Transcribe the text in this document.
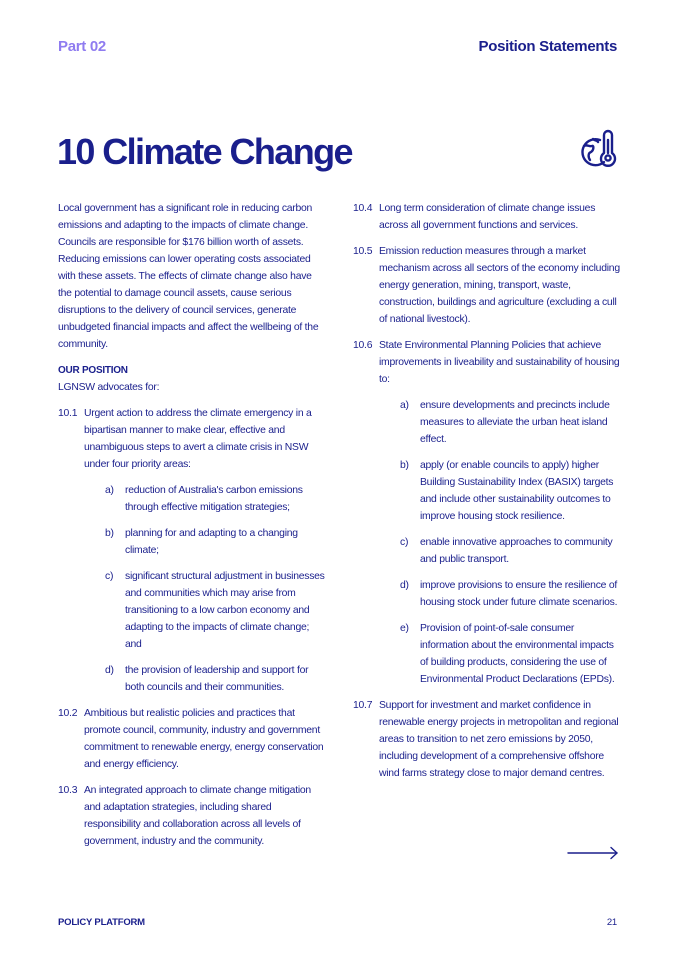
Part 02	Position Statements
10 Climate Change

Local government has a significant role in reducing carbon emissions and adapting to the impacts of climate change. Councils are responsible for $176 billion worth of assets. Reducing emissions can lower operating costs associated with these assets. The effects of climate change also have the potential to damage council assets, cause serious disruptions to the delivery of council services, generate unbudgeted financial impacts and affect the wellbeing of the community.

OUR POSITION

LGNSW advocates for:

10.1 Urgent action to address the climate emergency in a bipartisan manner to make clear, effective and unambiguous steps to avert a climate crisis in NSW under four priority areas:

a)	reduction of Australia's carbon emissions through effective mitigation strategies;
b)	planning for and adapting to a changing climate;
c)	significant structural adjustment in businesses and communities which may arise from transitioning to a low carbon economy and adapting to the impacts of climate change; and
d)	the provision of leadership and support for both councils and their communities.
10.2 Ambitious but realistic policies and practices that promote council, community, industry and government commitment to renewable energy, energy conservation and energy efficiency.

10.3 An integrated approach to climate change mitigation and adaptation strategies, including shared responsibility and collaboration across all levels of government, industry and the community.

10.4 Long term consideration of climate change issues across all government functions and services.

10.5 Emission reduction measures through a market mechanism across all sectors of the economy including energy generation, mining, transport, waste, construction, buildings and agriculture (excluding a cull of national livestock).

10.6 State Environmental Planning Policies that achieve improvements in liveability and sustainability of housing to:

a)	ensure developments and precincts include measures to alleviate the urban heat island effect.
b)	apply (or enable councils to apply) higher Building Sustainability Index (BASIX) targets and include other sustainability outcomes to improve housing stock resilience.
c)	enable innovative approaches to community and public transport.
d)	improve provisions to ensure the resilience of housing stock under future climate scenarios.
e)	Provision of point-of-sale consumer information about the environmental impacts of building products, considering the use of Environmental Product Declarations (EPDs).
10.7 Support for investment and market confidence in renewable energy projects in metropolitan and regional areas to transition to net zero emissions by 2050, including development of a comprehensive offshore wind farms strategy close to major demand centres.

POLICY PLATFORM	21
